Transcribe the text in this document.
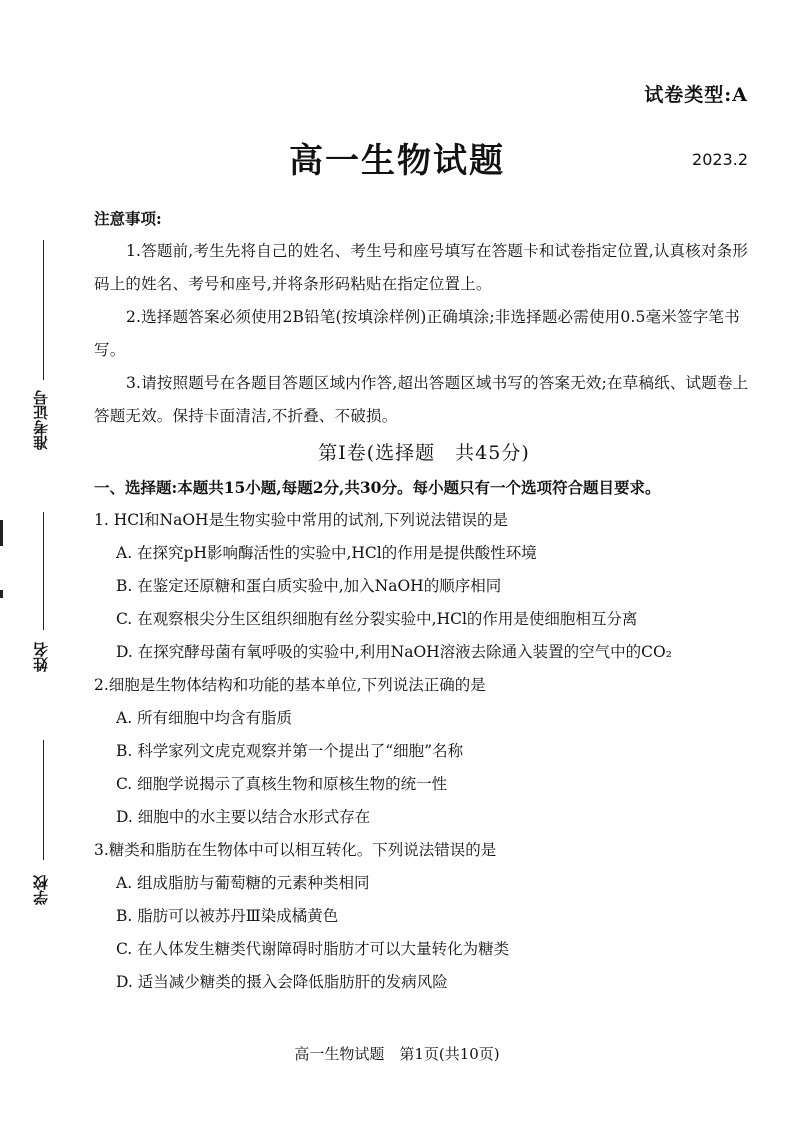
准考证号
姓名
学校
试卷类型:A
高一生物试题	2023.2
注意事项:
1.答题前,考生先将自己的姓名、考生号和座号填写在答题卡和试卷指定位置,认真核对条形码上的姓名、考号和座号,并将条形码粘贴在指定位置上。
2.选择题答案必须使用2B铅笔(按填涂样例)正确填涂;非选择题必需使用0.5毫米签字笔书写。
3.请按照题号在各题目答题区域内作答,超出答题区域书写的答案无效;在草稿纸、试题卷上答题无效。保持卡面清洁,不折叠、不破损。
第Ⅰ卷(选择题　共45分)
一、选择题:本题共15小题,每题2分,共30分。每小题只有一个选项符合题目要求。
1. HCl和NaOH是生物实验中常用的试剂,下列说法错误的是
A. 在探究pH影响酶活性的实验中,HCl的作用是提供酸性环境
B. 在鉴定还原糖和蛋白质实验中,加入NaOH的顺序相同
C. 在观察根尖分生区组织细胞有丝分裂实验中,HCl的作用是使细胞相互分离
D. 在探究酵母菌有氧呼吸的实验中,利用NaOH溶液去除通入装置的空气中的CO₂
2.细胞是生物体结构和功能的基本单位,下列说法正确的是
A. 所有细胞中均含有脂质
B. 科学家列文虎克观察并第一个提出了“细胞”名称
C. 细胞学说揭示了真核生物和原核生物的统一性
D. 细胞中的水主要以结合水形式存在
3.糖类和脂肪在生物体中可以相互转化。下列说法错误的是
A. 组成脂肪与葡萄糖的元素种类相同
B. 脂肪可以被苏丹Ⅲ染成橘黄色
C. 在人体发生糖类代谢障碍时脂肪才可以大量转化为糖类
D. 适当减少糖类的摄入会降低脂肪肝的发病风险
高一生物试题　第1页(共10页)
